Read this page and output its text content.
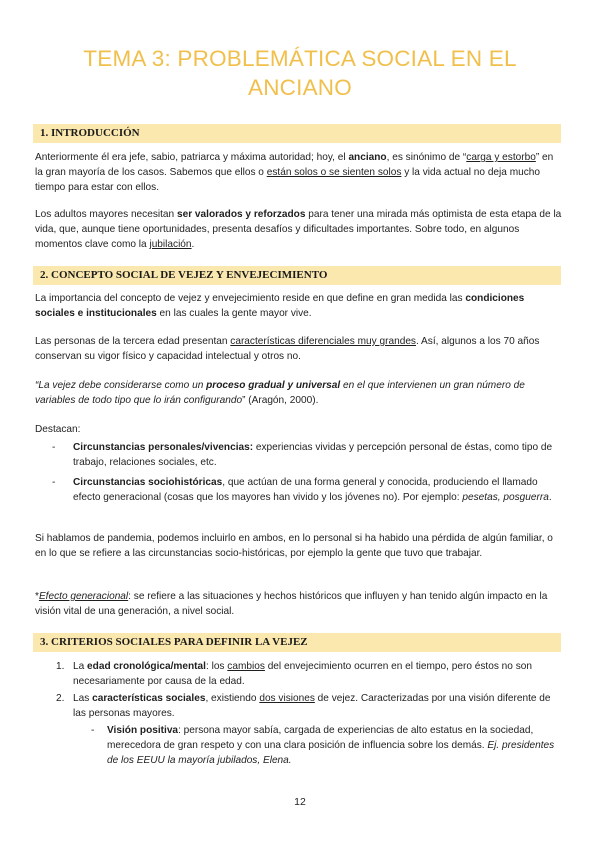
TEMA 3: PROBLEMÁTICA SOCIAL EN EL ANCIANO
1. INTRODUCCIÓN

Anteriormente él era jefe, sabio, patriarca y máxima autoridad; hoy, el anciano, es sinónimo de “carga y estorbo” en la gran mayoría de los casos. Sabemos que ellos o están solos o se sienten solos y la vida actual no deja mucho tiempo para estar con ellos.

Los adultos mayores necesitan ser valorados y reforzados para tener una mirada más optimista de esta etapa de la vida, que, aunque tiene oportunidades, presenta desafíos y dificultades importantes. Sobre todo, en algunos momentos clave como la jubilación.

2. CONCEPTO SOCIAL DE VEJEZ Y ENVEJECIMIENTO

La importancia del concepto de vejez y envejecimiento reside en que define en gran medida las condiciones sociales e institucionales en las cuales la gente mayor vive.

Las personas de la tercera edad presentan características diferenciales muy grandes. Así, algunos a los 70 años conservan su vigor físico y capacidad intelectual y otros no.

“La vejez debe considerarse como un proceso gradual y universal en el que intervienen un gran número de variables de todo tipo que lo irán configurando” (Aragón, 2000).

Destacan:
- Circunstancias personales/vivencias: experiencias vividas y percepción personal de éstas, como tipo de trabajo, relaciones sociales, etc.
- Circunstancias sociohistóricas, que actúan de una forma general y conocida, produciendo el llamado efecto generacional (cosas que los mayores han vivido y los jóvenes no). Por ejemplo: pesetas, posguerra.
Si hablamos de pandemia, podemos incluirlo en ambos, en lo personal si ha habido una pérdida de algún familiar, o en lo que se refiere a las circunstancias socio-históricas, por ejemplo la gente que tuvo que trabajar.

*Efecto generacional: se refiere a las situaciones y hechos históricos que influyen y han tenido algún impacto en la visión vital de una generación, a nivel social.

3. CRITERIOS SOCIALES PARA DEFINIR LA VEJEZ
1. La edad cronológica/mental: los cambios del envejecimiento ocurren en el tiempo, pero éstos no son necesariamente por causa de la edad.
2. Las características sociales, existiendo dos visiones de vejez. Caracterizadas por una visión diferente de las personas mayores.
- Visión positiva: persona mayor sabía, cargada de experiencias de alto estatus en la sociedad, merecedora de gran respeto y con una clara posición de influencia sobre los demás. Ej. presidentes de los EEUU la mayoría jubilados, Elena.
12
